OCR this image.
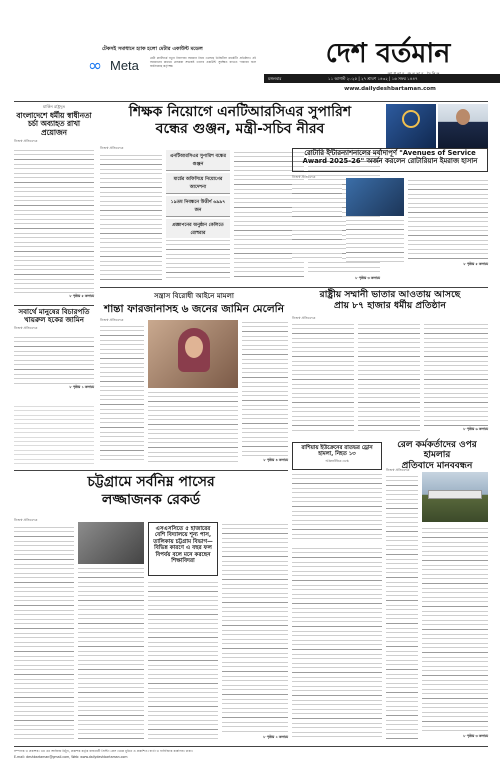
টেকসই সমাধানে হ্যাক হলো মেটার একাউন্ট মডেল
∞ Meta	মেটা প্ল্যাটফর্মে নতুন নিরাপত্তা সমাধান নিয়ে এসেছে ডিজিটাল মার্কেটিং প্রতিষ্ঠান। এই সমাধানের মাধ্যমে গ্রাহকরা সহজেই তাদের একাউন্ট সুরক্ষিত রাখতে পারবেন বলে জানিয়েছে কর্তৃপক্ষ।	দেশ বর্তমান
মঙ্গলবার	১১ আগস্ট ২০২৫ | ২৭ শ্রাবণ ১৪৩২ | ১৬ সফর ১৪৪৭
www.dailydeshbartaman.com
মার্কিন রাষ্ট্রদূত
বাংলাদেশে ধর্মীয় স্বাধীনতা চর্চা অব্যাহত রাখা প্রয়োজন
নিজস্ব প্রতিবেদক
৮ পৃষ্ঠায় ৫ কলামে
সবার্থে মানুষের বিচারপতি খায়রুল হকের জামিন
নিজস্ব প্রতিবেদক
৮ পৃষ্ঠায় ১ কলামে
শিক্ষক নিয়োগে এনটিআরসিএর সুপারিশ
বন্ধের গুঞ্জন, মন্ত্রী-সচিব নীরব
নিজস্ব প্রতিবেদক
এনটিআরসিএর সুপারিশ বন্ধের গুঞ্জন
মার্চের অফিসিয়ে নিয়োগের আদেশনা
১৯তম নিবন্ধনে উত্তীর্ণ ৬৯৯৭ জন
প্রজ্ঞাপনের অনুষ্ঠান কেলিতে রোহুরার
৮ পৃষ্ঠায় ৩ কলামে
রোটারি ইন্টারন্যাশনালের মর্যাদাপূর্ণ "Avenues of Service Award 2025-26" অর্জন করলেন রোটারিয়ান ইমরাজ হাসান
নিজস্ব প্রতিবেদক
৮ পৃষ্ঠায় ৫ কলামে
রাষ্ট্রীয় সম্মানী ভাতার আওতায় আসছে
প্রায় ৮৭ হাজার ধর্মীয় প্রতিষ্ঠান
নিজস্ব প্রতিবেদক
৮ পৃষ্ঠায় ৬ কলামে
সন্ত্রাস বিরোধী আইনে মামলা
শান্তা ফারজানাসহ ৬ জনের জামিন মেলেনি
নিজস্ব প্রতিবেদক
৮ পৃষ্ঠায় ৪ কলামে
রাশিয়ায় ইউক্রেনের রাতভর ড্রোন হামলা, নিহত ১৩
আন্তর্জাতিক ডেস্ক
রেল কর্মকর্তাদের ওপর হামলার
প্রতিবাদে মানববন্ধন
নিজস্ব প্রতিবেদক
৮ পৃষ্ঠায় ৩ কলামে
চট্টগ্রামে সর্বনিম্ন পাসের
লজ্জাজনক রেকর্ড
নিজস্ব প্রতিবেদক
এসএসসিতে ৫ হাজারের বেশি বিদ্যালয়ে শূন্য পাস, তালিকায় চট্টগ্রাম বিভাগ—বিভিন্ন কারণে এ বছর ফল বিপর্যয় বলে মনে করছেন শিক্ষাবিদরা
৮ পৃষ্ঠায় ২ কলামে
সম্পাদক ও প্রকাশক: এম এম আজিজ মিঠুন, প্রকাশক কর্তৃক রাজধানী প্রিন্টিং প্রেস থেকে মুদ্রিত ও প্রকাশিত। বার্তা ও বাণিজ্যিক কার্যালয়: ঢাকা।
E-mail: deshbartaman@gmail.com, Web: www.dailydeshbartaman.com
